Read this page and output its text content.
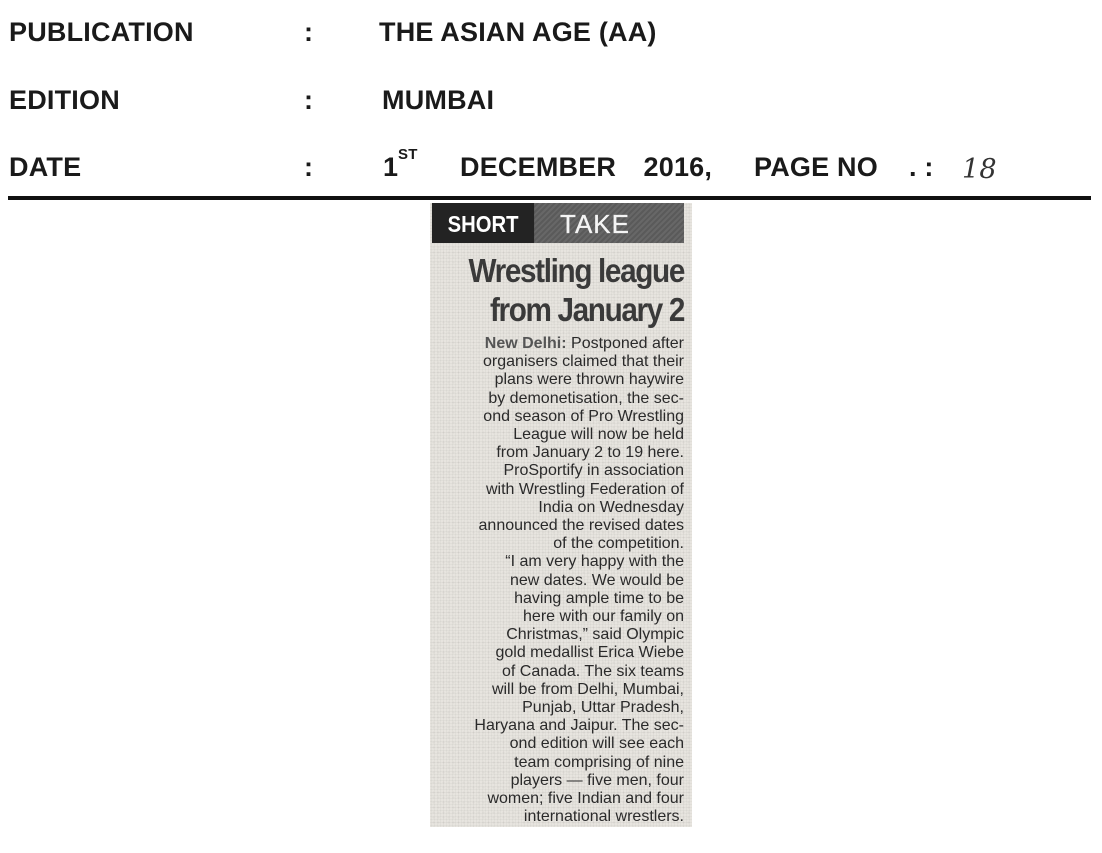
PUBLICATION	: THE ASIAN AGE (AA)
EDITION	:	MUMBAI
DATE	:	1 ST DECEMBER  2016, PAGE NO . : 18
SHORT	TAKE
Wrestling league
from January 2
New Delhi: Postponed after
organisers claimed that their
plans were thrown haywire
by demonetisation, the sec-
ond season of Pro Wrestling
League will now be held
from January 2 to 19 here.
ProSportify in association
with Wrestling Federation of
India on Wednesday
announced the revised dates
of the competition.
“I am very happy with the
new dates. We would be
having ample time to be
here with our family on
Christmas,” said Olympic
gold medallist Erica Wiebe
of Canada. The six teams
will be from Delhi, Mumbai,
Punjab, Uttar Pradesh,
Haryana and Jaipur. The sec-
ond edition will see each
team comprising of nine
players — five men, four
women; five Indian and four
international wrestlers.
